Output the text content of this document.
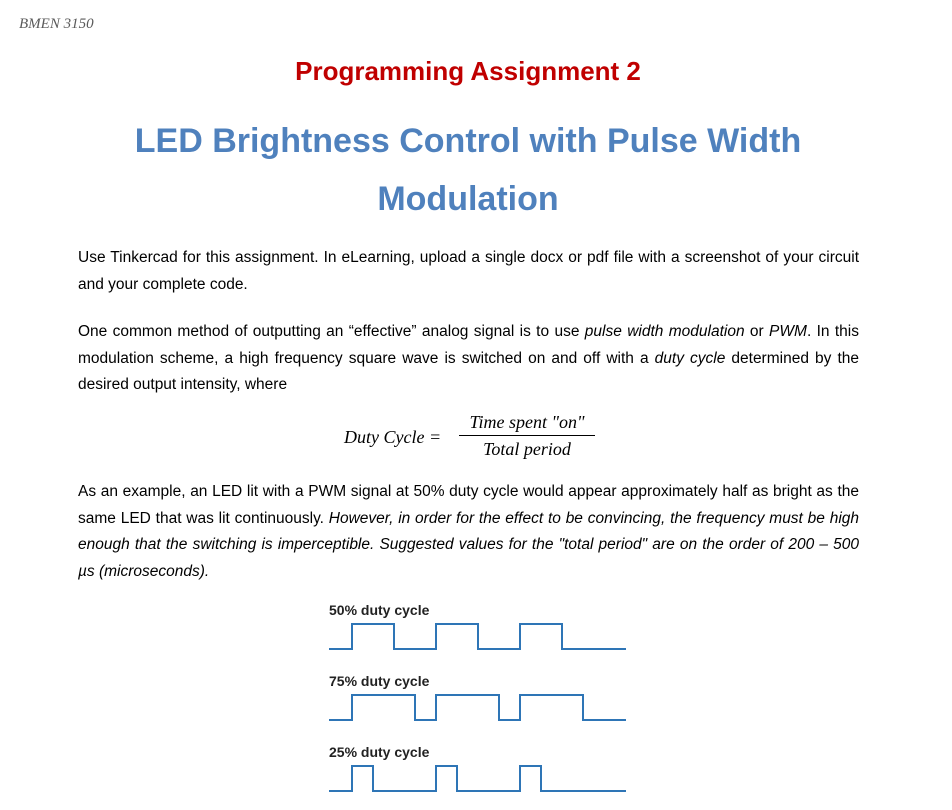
BMEN 3150
Programming Assignment 2
LED Brightness Control with Pulse Width Modulation
Use Tinkercad for this assignment. In eLearning, upload a single docx or pdf file with a screenshot of your circuit and your complete code.
One common method of outputting an “effective” analog signal is to use pulse width modulation or PWM. In this modulation scheme, a high frequency square wave is switched on and off with a duty cycle determined by the desired output intensity, where
Duty Cycle =
Time spent "on"
Total period
As an example, an LED lit with a PWM signal at 50% duty cycle would appear approximately half as bright as the same LED that was lit continuously. However, in order for the effect to be convincing, the frequency must be high enough that the switching is imperceptible. Suggested values for the "total period" are on the order of 200 – 500 µs (microseconds).
50% duty cycle
75% duty cycle
25% duty cycle
